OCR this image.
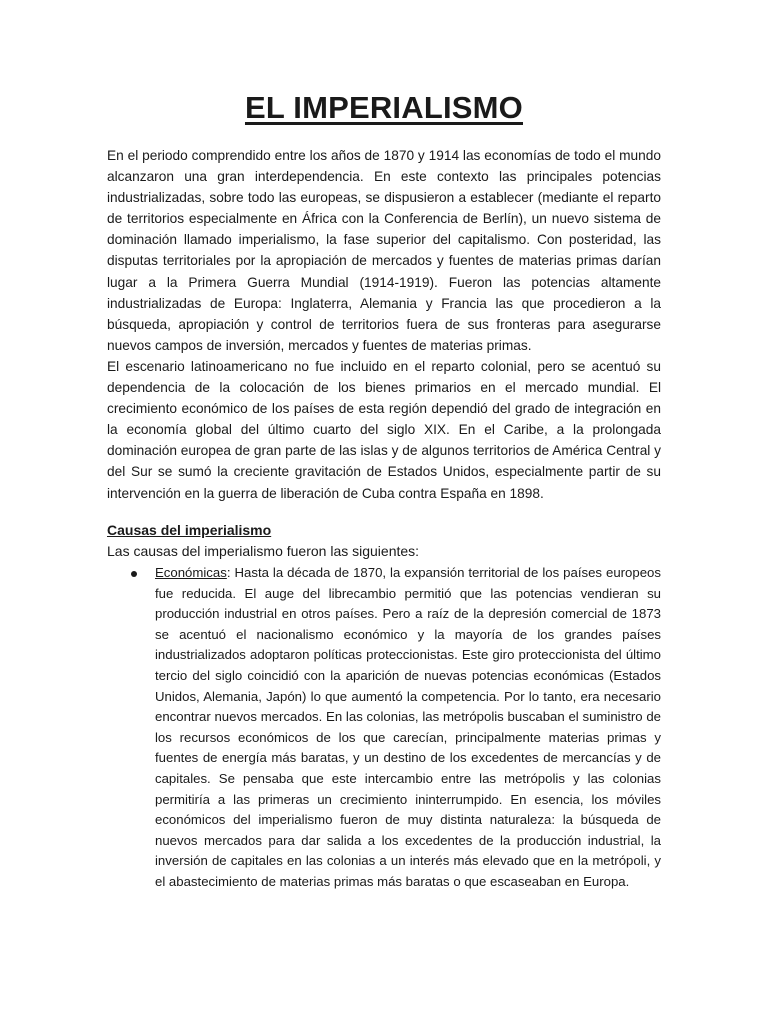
EL IMPERIALISMO

En el periodo comprendido entre los años de 1870 y 1914 las economías de todo el mundo alcanzaron una gran interdependencia. En este contexto las principales potencias industrializadas, sobre todo las europeas, se dispusieron a establecer (mediante el reparto de territorios especialmente en África con la Conferencia de Berlín), un nuevo sistema de dominación llamado imperialismo, la fase superior del capitalismo. Con posteridad, las disputas territoriales por la apropiación de mercados y fuentes de materias primas darían lugar a la Primera Guerra Mundial (1914-1919). Fueron las potencias altamente industrializadas de Europa: Inglaterra, Alemania y Francia las que procedieron a la búsqueda, apropiación y control de territorios fuera de sus fronteras para asegurarse nuevos campos de inversión, mercados y fuentes de materias primas.

El escenario latinoamericano no fue incluido en el reparto colonial, pero se acentuó su dependencia de la colocación de los bienes primarios en el mercado mundial. El crecimiento económico de los países de esta región dependió del grado de integración en la economía global del último cuarto del siglo XIX. En el Caribe, a la prolongada dominación europea de gran parte de las islas y de algunos territorios de América Central y del Sur se sumó la creciente gravitación de Estados Unidos, especialmente partir de su intervención en la guerra de liberación de Cuba contra España en 1898.

Causas del imperialismo
Las causas del imperialismo fueron las siguientes:

Económicas: Hasta la década de 1870, la expansión territorial de los países europeos fue reducida. El auge del librecambio permitió que las potencias vendieran su producción industrial en otros países. Pero a raíz de la depresión comercial de 1873 se acentuó el nacionalismo económico y la mayoría de los grandes países industrializados adoptaron políticas proteccionistas. Este giro proteccionista del último tercio del siglo coincidió con la aparición de nuevas potencias económicas (Estados Unidos, Alemania, Japón) lo que aumentó la competencia. Por lo tanto, era necesario encontrar nuevos mercados. En las colonias, las metrópolis buscaban el suministro de los recursos económicos de los que carecían, principalmente materias primas y fuentes de energía más baratas, y un destino de los excedentes de mercancías y de capitales. Se pensaba que este intercambio entre las metrópolis y las colonias permitiría a las primeras un crecimiento ininterrumpido. En esencia, los móviles económicos del imperialismo fueron de muy distinta naturaleza: la búsqueda de nuevos mercados para dar salida a los excedentes de la producción industrial, la inversión de capitales en las colonias a un interés más elevado que en la metrópoli, y el abastecimiento de materias primas más baratas o que escaseaban en Europa.
